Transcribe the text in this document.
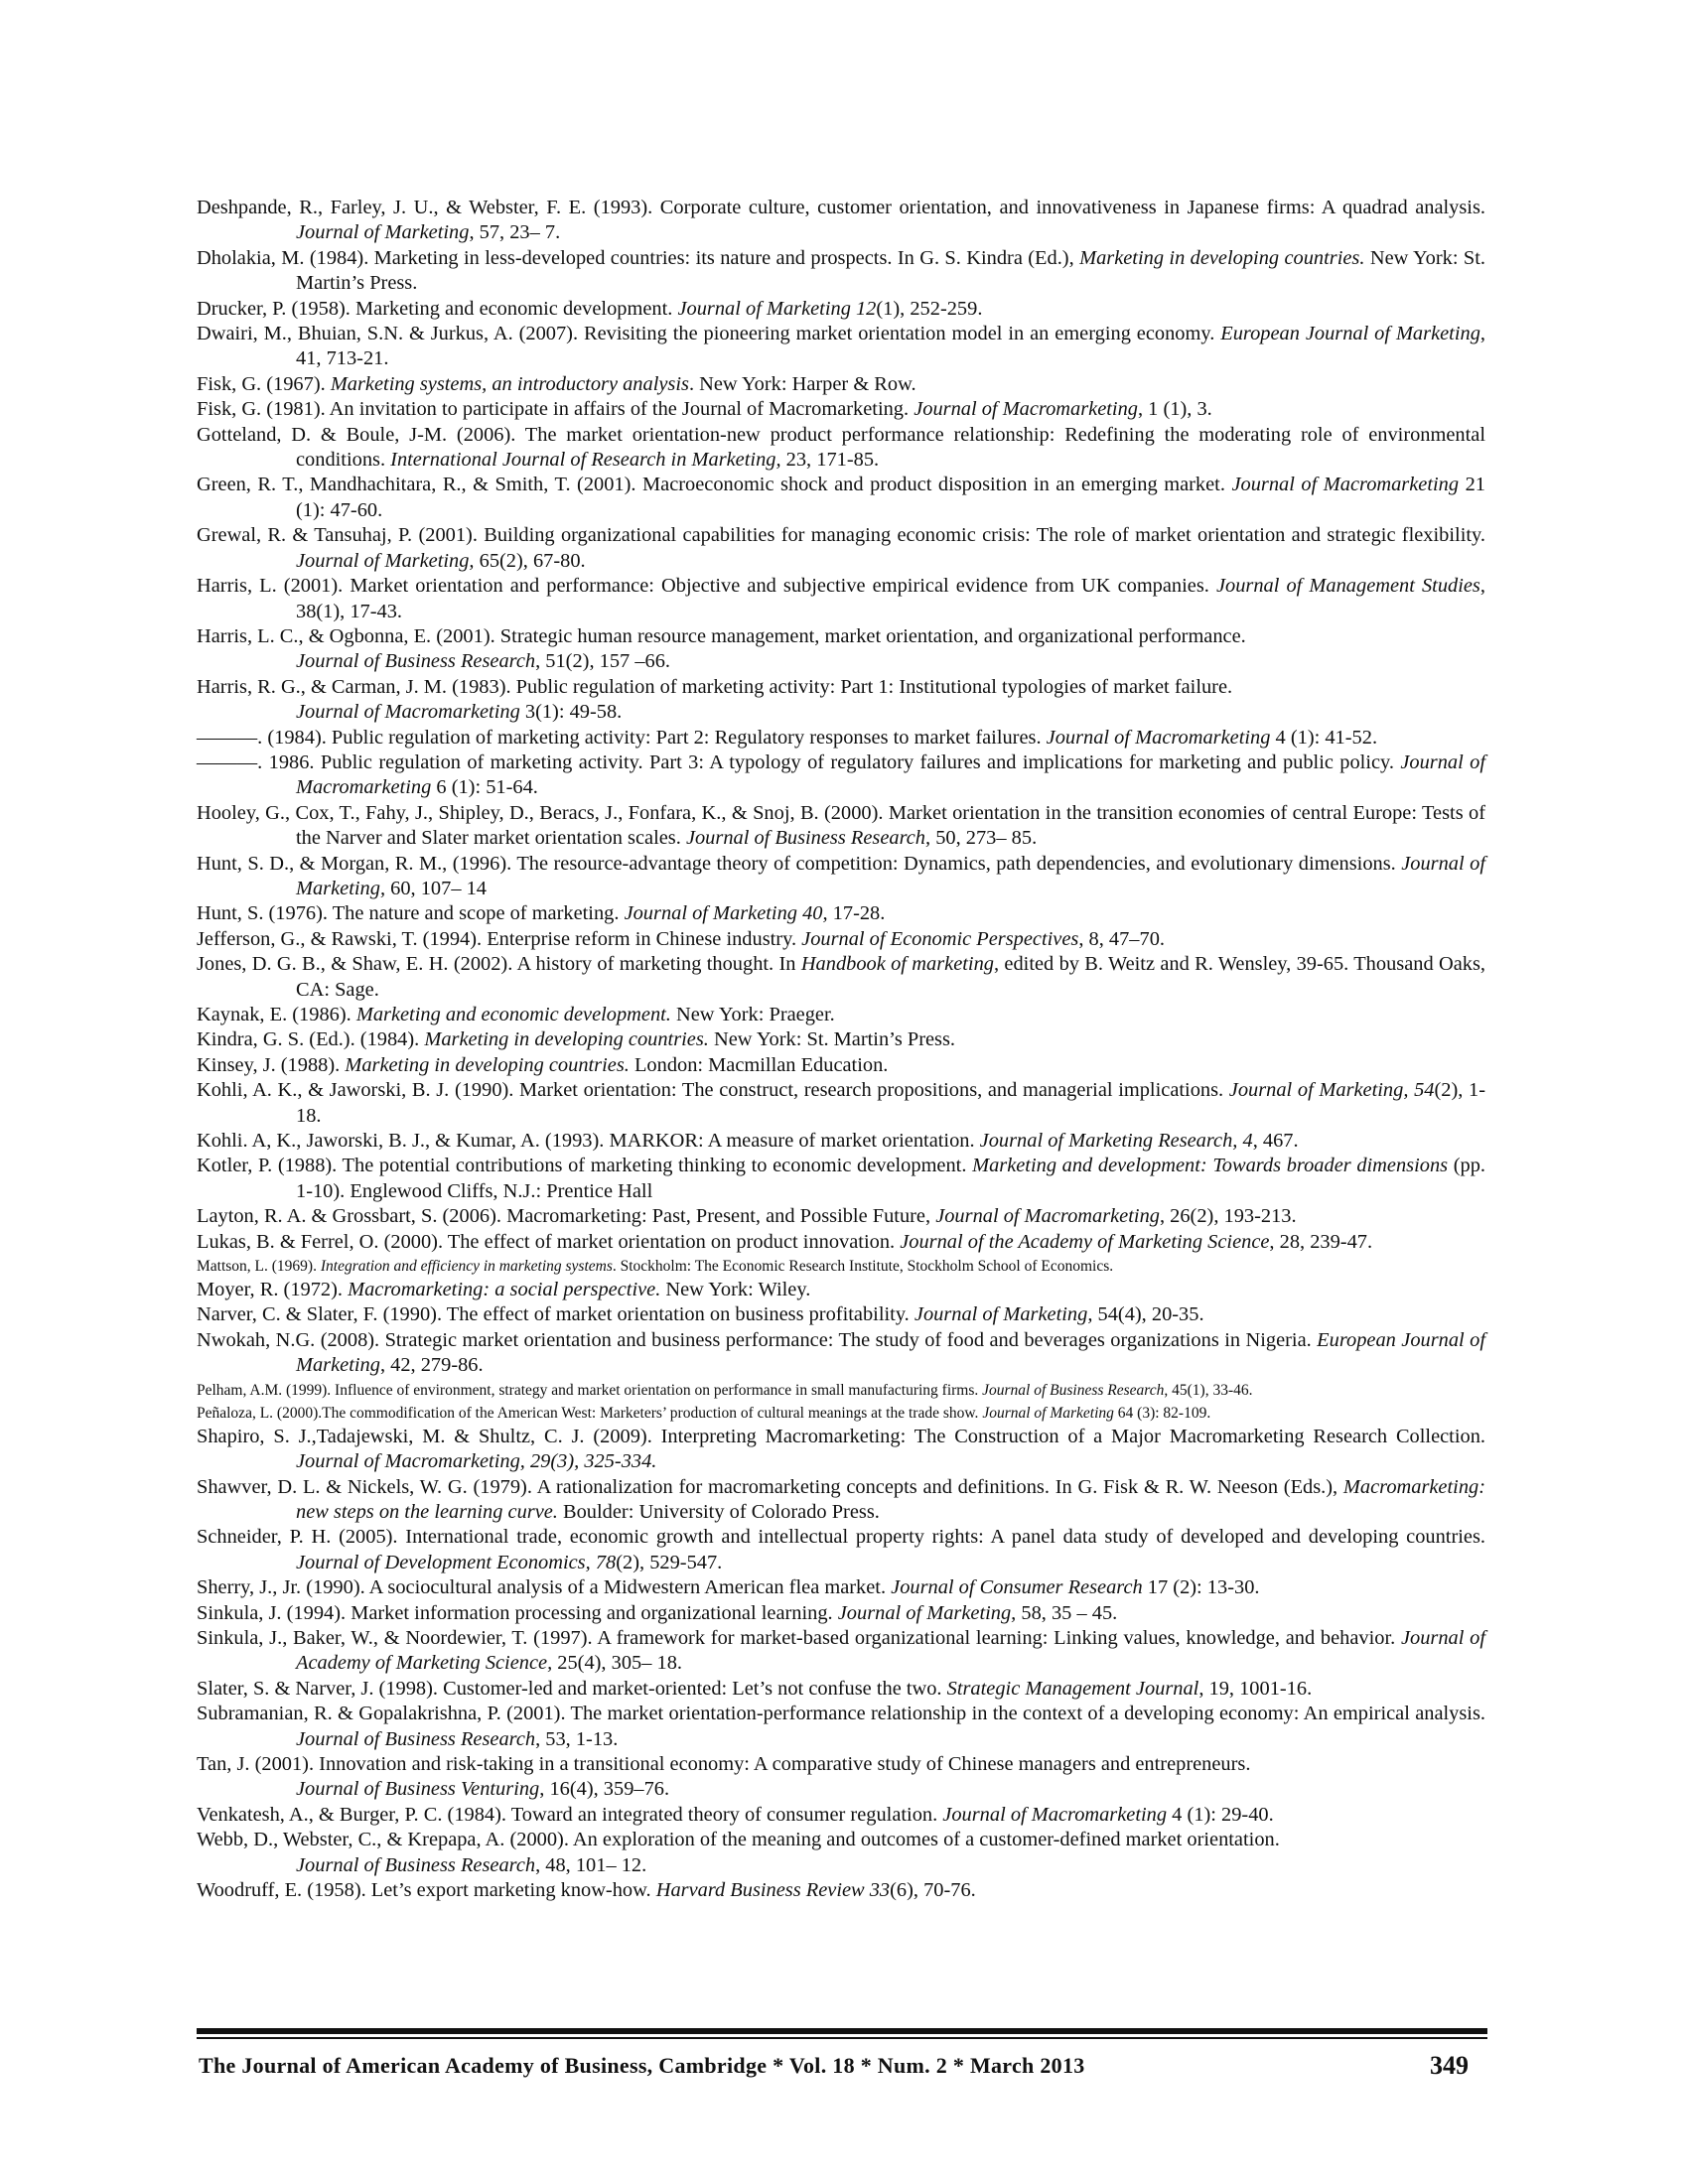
Deshpande, R., Farley, J. U., & Webster, F. E. (1993). Corporate culture, customer orientation, and innovativeness in Japanese firms: A quadrad analysis. Journal of Marketing, 57, 23– 7.

Dholakia, M. (1984). Marketing in less-developed countries: its nature and prospects. In G. S. Kindra (Ed.), Marketing in developing countries. New York: St. Martin’s Press.

Drucker, P. (1958). Marketing and economic development. Journal of Marketing 12(1), 252-259.

Dwairi, M., Bhuian, S.N. & Jurkus, A. (2007). Revisiting the pioneering market orientation model in an emerging economy. European Journal of Marketing, 41, 713-21.

Fisk, G. (1967). Marketing systems, an introductory analysis. New York: Harper & Row.

Fisk, G. (1981). An invitation to participate in affairs of the Journal of Macromarketing. Journal of Macromarketing, 1 (1), 3.

Gotteland, D. & Boule, J-M. (2006). The market orientation-new product performance relationship: Redefining the moderating role of environmental conditions. International Journal of Research in Marketing, 23, 171-85.

Green, R. T., Mandhachitara, R., & Smith, T. (2001). Macroeconomic shock and product disposition in an emerging market. Journal of Macromarketing 21 (1): 47-60.

Grewal, R. & Tansuhaj, P. (2001). Building organizational capabilities for managing economic crisis: The role of market orientation and strategic flexibility. Journal of Marketing, 65(2), 67-80.

Harris, L. (2001). Market orientation and performance: Objective and subjective empirical evidence from UK companies. Journal of Management Studies, 38(1), 17-43.

Harris, L. C., & Ogbonna, E. (2001). Strategic human resource management, market orientation, and organizational performance.
Journal of Business Research, 51(2), 157 –66.

Harris, R. G., & Carman, J. M. (1983). Public regulation of marketing activity: Part 1: Institutional typologies of market failure.
Journal of Macromarketing 3(1): 49-58.

———. (1984). Public regulation of marketing activity: Part 2: Regulatory responses to market failures. Journal of Macromarketing 4 (1): 41-52.

———. 1986. Public regulation of marketing activity. Part 3: A typology of regulatory failures and implications for marketing and public policy. Journal of Macromarketing 6 (1): 51-64.

Hooley, G., Cox, T., Fahy, J., Shipley, D., Beracs, J., Fonfara, K., & Snoj, B. (2000). Market orientation in the transition economies of central Europe: Tests of the Narver and Slater market orientation scales. Journal of Business Research, 50, 273– 85.

Hunt, S. D., & Morgan, R. M., (1996). The resource-advantage theory of competition: Dynamics, path dependencies, and evolutionary dimensions. Journal of Marketing, 60, 107– 14

Hunt, S. (1976). The nature and scope of marketing. Journal of Marketing 40, 17-28.

Jefferson, G., & Rawski, T. (1994). Enterprise reform in Chinese industry. Journal of Economic Perspectives, 8, 47–70.

Jones, D. G. B., & Shaw, E. H. (2002). A history of marketing thought. In Handbook of marketing, edited by B. Weitz and R. Wensley, 39-65. Thousand Oaks, CA: Sage.

Kaynak, E. (1986). Marketing and economic development. New York: Praeger.

Kindra, G. S. (Ed.). (1984). Marketing in developing countries. New York: St. Martin’s Press.

Kinsey, J. (1988). Marketing in developing countries. London: Macmillan Education.

Kohli, A. K., & Jaworski, B. J. (1990). Market orientation: The construct, research propositions, and managerial implications. Journal of Marketing, 54(2), 1-18.

Kohli. A, K., Jaworski, B. J., & Kumar, A. (1993). MARKOR: A measure of market orientation. Journal of Marketing Research, 4, 467.

Kotler, P. (1988). The potential contributions of marketing thinking to economic development. Marketing and development: Towards broader dimensions (pp. 1-10). Englewood Cliffs, N.J.: Prentice Hall

Layton, R. A. & Grossbart, S. (2006). Macromarketing: Past, Present, and Possible Future, Journal of Macromarketing, 26(2), 193-213.

Lukas, B. & Ferrel, O. (2000). The effect of market orientation on product innovation. Journal of the Academy of Marketing Science, 28, 239-47.

Mattson, L. (1969). Integration and efficiency in marketing systems. Stockholm: The Economic Research Institute, Stockholm School of Economics.

Moyer, R. (1972). Macromarketing: a social perspective. New York: Wiley.

Narver, C. & Slater, F. (1990). The effect of market orientation on business profitability. Journal of Marketing, 54(4), 20-35.

Nwokah, N.G. (2008). Strategic market orientation and business performance: The study of food and beverages organizations in Nigeria. European Journal of Marketing, 42, 279-86.

Pelham, A.M. (1999). Influence of environment, strategy and market orientation on performance in small manufacturing firms. Journal of Business Research, 45(1), 33-46.

Peñaloza, L. (2000).The commodification of the American West: Marketers’ production of cultural meanings at the trade show. Journal of Marketing 64 (3): 82-109.

Shapiro, S. J.,Tadajewski, M. & Shultz, C. J. (2009). Interpreting Macromarketing: The Construction of a Major Macromarketing Research Collection. Journal of Macromarketing, 29(3), 325-334.

Shawver, D. L. & Nickels, W. G. (1979). A rationalization for macromarketing concepts and definitions. In G. Fisk & R. W. Neeson (Eds.), Macromarketing: new steps on the learning curve. Boulder: University of Colorado Press.

Schneider, P. H. (2005). International trade, economic growth and intellectual property rights: A panel data study of developed and developing countries. Journal of Development Economics, 78(2), 529-547.

Sherry, J., Jr. (1990). A sociocultural analysis of a Midwestern American flea market. Journal of Consumer Research 17 (2): 13-30.

Sinkula, J. (1994). Market information processing and organizational learning. Journal of Marketing, 58, 35 – 45.

Sinkula, J., Baker, W., & Noordewier, T. (1997). A framework for market-based organizational learning: Linking values, knowledge, and behavior. Journal of Academy of Marketing Science, 25(4), 305– 18.

Slater, S. & Narver, J. (1998). Customer-led and market-oriented: Let’s not confuse the two. Strategic Management Journal, 19, 1001-16.

Subramanian, R. & Gopalakrishna, P. (2001). The market orientation-performance relationship in the context of a developing economy: An empirical analysis. Journal of Business Research, 53, 1-13.

Tan, J. (2001). Innovation and risk-taking in a transitional economy: A comparative study of Chinese managers and entrepreneurs.
Journal of Business Venturing, 16(4), 359–76.

Venkatesh, A., & Burger, P. C. (1984). Toward an integrated theory of consumer regulation. Journal of Macromarketing 4 (1): 29-40.

Webb, D., Webster, C., & Krepapa, A. (2000). An exploration of the meaning and outcomes of a customer-defined market orientation.
Journal of Business Research, 48, 101– 12.

Woodruff, E. (1958). Let’s export marketing know-how. Harvard Business Review 33(6), 70-76.

The Journal of American Academy of Business, Cambridge * Vol. 18 * Num. 2 * March 2013	349
